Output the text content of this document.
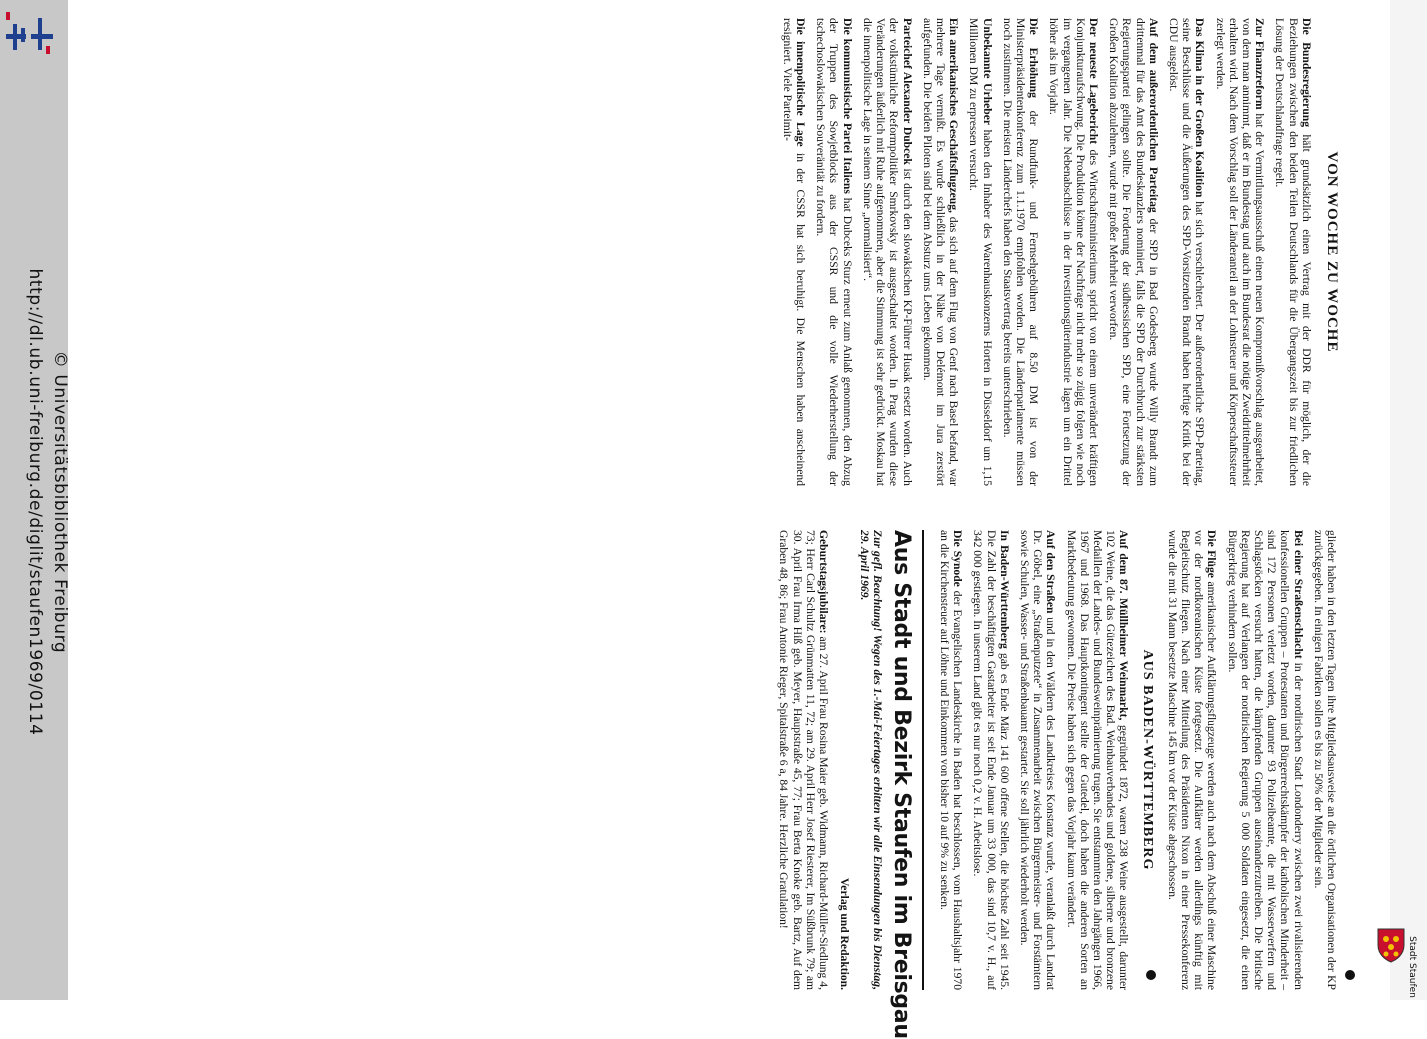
http://dl.ub.uni-freiburg.de/diglit/staufen1969/0114 © Universitätsbibliothek Freiburg
VON WOCHE ZU WOCHE

Die Bundesregierung hält grundsätzlich einen Vertrag mit der DDR für möglich, der die Beziehungen zwischen den beiden Teilen Deutschlands für die Übergangszeit bis zur friedlichen Lösung der Deutschlandfrage regelt.

Zur Finanzreform hat der Vermittlungsausschuß einen neuen Kompromißvorschlag ausgearbeitet, von dem man annimmt, daß er im Bundestag und auch im Bundesrat die nötige Zweidrittelmehrheit erhalten wird. Nach dem Vorschlag soll der Länderanteil an der Lohnsteuer und Körperschaftssteuer zerlegt werden.

Das Klima in der Großen Koalition hat sich verschlechtert. Der außerordentliche SPD-Parteitag, seine Beschlüsse und die Äußerungen des SPD-Vorsitzenden Brandt haben heftige Kritik bei der CDU ausgelöst.

Auf dem außerordentlichen Parteitag der SPD in Bad Godesberg wurde Willy Brandt zum drittenmal für das Amt des Bundeskanzlers nominiert, falls die SPD der Durchbruch zur stärksten Regierungspartei gelingen sollte. Die Forderung der südhessischen SPD, eine Fortsetzung der Großen Koalition abzulehnen, wurde mit großer Mehrheit verworfen.

Der neueste Lagebericht des Wirtschaftsministeriums spricht von einem unverändert kräftigen Konjunkturaufschwung. Die Produktion könne der Nachfrage nicht mehr so zügig folgen wie noch im vergangenen Jahr. Die Nebenabschlüsse in der Investitionsgüterindustrie lagen um ein Drittel höher als im Vorjahr.

Die Erhöhung der Rundfunk- und Fernsehgebühren auf 8.50 DM ist von der Ministerpräsidentenkonferenz zum 1.1.1970 empfohlen worden. Die Länderparlamente müssen noch zustimmen. Die meisten Länderchefs haben den Staatsvertrag bereits unterschrieben.

Unbekannte Urheber haben den Inhaber des Warenhauskonzerns Horten in Düsseldorf um 1,15 Millionen DM zu erpressen versucht.

Ein amerikanisches Geschäftsflugzeug, das sich auf dem Flug von Genf nach Basel befand, war mehrere Tage vermißt. Es wurde schließlich in der Nähe von Delémont im Jura zerstört aufgefunden. Die beiden Piloten sind bei dem Absturz ums Leben gekommen.

Parteichef Alexander Dubcek ist durch den slowakischen KP-Führer Husak ersetzt worden. Auch der volkstümliche Reformpolitiker Smrkovsky ist ausgeschaltet worden. In Prag wurden diese Veränderungen äußerlich mit Ruhe aufgenommen, aber die Stimmung ist sehr gedrückt. Moskau hat die innenpolitische Lage in seinem Sinne „normalisiert“.

Die kommunistische Partei Italiens hat Dubceks Sturz erneut zum Anlaß genommen, den Abzug der Truppen des Sowjetblocks aus der CSSR und die volle Wiederherstellung der tschechoslowakischen Souveränität zu fordern.

Die innenpolitische Lage in der CSSR hat sich beruhigt. Die Menschen haben anscheinend resigniert. Viele Parteimit-

glieder haben in den letzten Tagen ihre Mitgliedsausweise an die örtlichen Organisationen der KP zurückgegeben. In einigen Fabriken sollen es bis zu 50% der Mitglieder sein.

Bei einer Straßenschlacht in der nordirischen Stadt Londonderry zwischen zwei rivalisierenden konfessionellen Gruppen – Protestanten und Bürgerrechtskämpfer der katholischen Minderheit – sind 172 Personen verletzt worden, darunter 93 Polizeibeamte, die mit Wasserwerfern und Schlagstöcken versucht hatten, die kämpfenden Gruppen auseinanderzutreiben. Die britische Regierung hat auf Verlangen der nordirischen Regierung 5 000 Soldaten eingesetzt, die einen Bürgerkrieg verhindern sollen.

Die Flüge amerikanischer Aufklärungsflugzeuge werden auch nach dem Abschuß einer Maschine vor der nordkoreanischen Küste fortgesetzt. Die Aufklärer werden allerdings künftig mit Begleitschutz fliegen. Nach einer Mitteilung des Präsidenten Nixon in einer Pressekonferenz wurde die mit 31 Mann besetzte Maschine 145 km vor der Küste abgeschossen.

AUS BADEN-WÜRTTEMBERG

Auf dem 87. Müllheimer Weinmarkt, gegründet 1872, waren 238 Weine ausgestellt, darunter 102 Weine, die das Gütezeichen des Bad. Weinbauverbandes und goldene, silberne und bronzene Medaillen der Landes- und Bundesweinprämierung trugen. Sie entstammten den Jahrgängen 1966, 1967 und 1968. Das Hauptkontingent stellte der Gutedel, doch haben die anderen Sorten an Marktbedeutung gewonnen. Die Preise haben sich gegen das Vorjahr kaum verändert.

Auf den Straßen und in den Wäldern des Landkreises Konstanz wurde, veranlaßt durch Landrat Dr. Göbel, eine „Straßenputzete“ in Zusammenarbeit zwischen Bürgermeister- und Forstämtern sowie Schulen, Wasser- und Straßenbauamt gestartet. Sie soll jährlich wiederholt werden.

In Baden-Württemberg gab es Ende März 141 600 offene Stellen, die höchste Zahl seit 1945. Die Zahl der beschäftigten Gastarbeiter ist seit Ende Januar um 33 000, das sind 10,7 v. H., auf 342 000 gestiegen. In unserem Land gibt es nur noch 0,2 v. H. Arbeitslose.

Die Synode der Evangelischen Landeskirche in Baden hat beschlossen, vom Haushaltsjahr 1970 an die Kirchensteuer auf Löhne und Einkommen von bisher 10 auf 9% zu senken.

Aus Stadt und Bezirk Staufen im Breisgau
Zur gefl. Beachtung! Wegen des 1.-Mai-Feiertages erbitten wir alle Einsendungen bis Dienstag, 29. April 1969.
Verlag und Redaktion.

Geburtstagsjubilare: am 27. April Frau Rosina Maier geb. Widmann, Richard-Müller-Siedlung 4, 73; Herr Carl Schultz Grünmatten 11, 72; am 29. April Herr Josef Riesterer, Im Süßbrunk 79; am 30. April Frau Irma Hiß geb. Meyer, Hauptstraße 45, 77; Frau Berta Knoke geb. Bartz, Auf dem Graben 48, 86; Frau Antonie Rieger, Spitalstraße 6 a, 84 Jahre. Herzliche Gratulation!

Stadt Staufen
